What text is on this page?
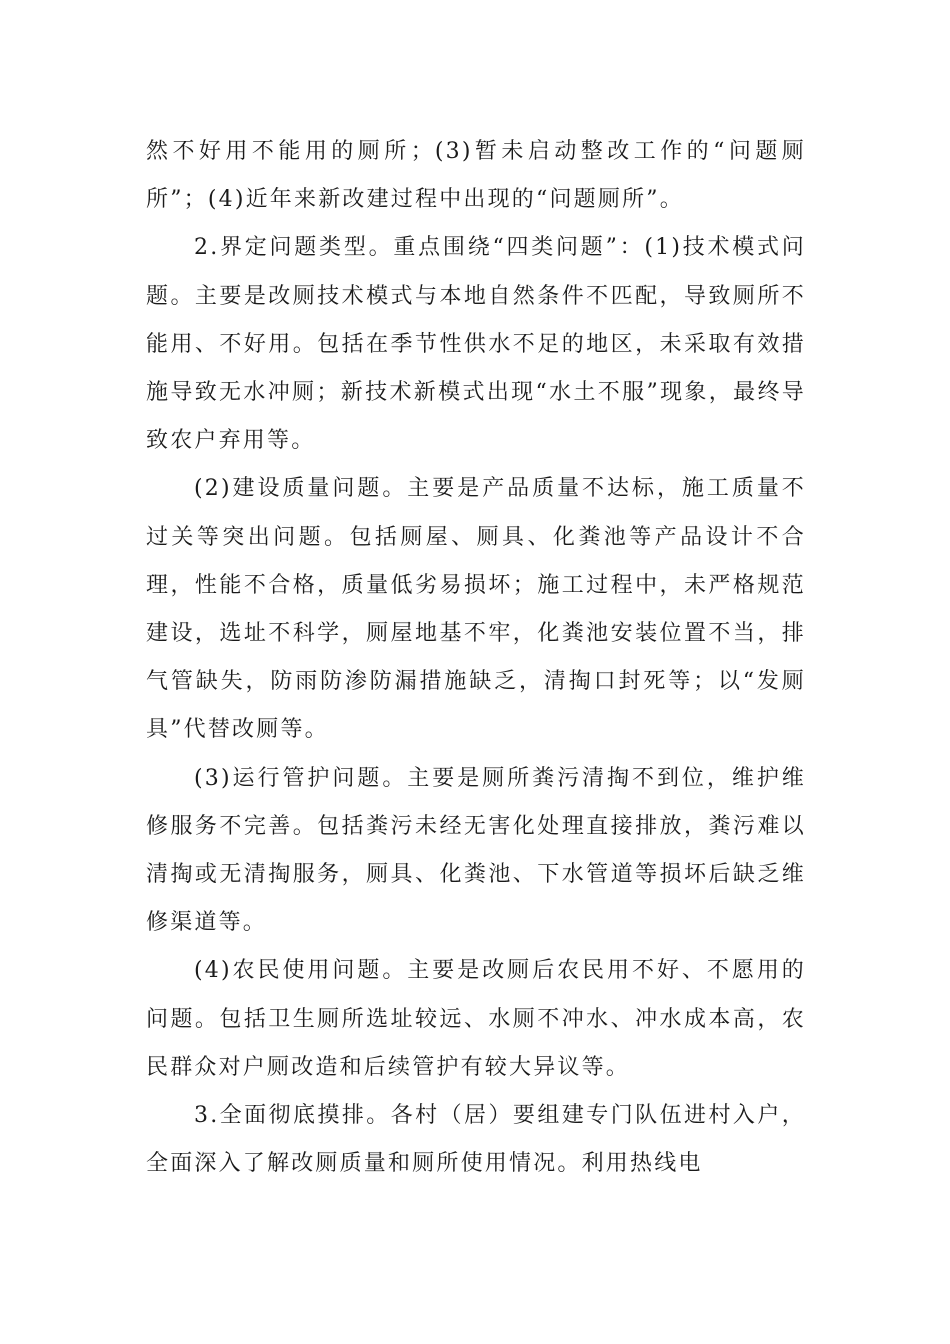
然不好用不能用的厕所；(3)暂未启动整改工作的“问题厕所”；(4)近年来新改建过程中出现的“问题厕所”。

2.界定问题类型。重点围绕“四类问题”：(1)技术模式问题。主要是改厕技术模式与本地自然条件不匹配，导致厕所不能用、不好用。包括在季节性供水不足的地区，未采取有效措施导致无水冲厕；新技术新模式出现“水土不服”现象，最终导致农户弃用等。

(2)建设质量问题。主要是产品质量不达标，施工质量不过关等突出问题。包括厕屋、厕具、化粪池等产品设计不合理，性能不合格，质量低劣易损坏；施工过程中，未严格规范建设，选址不科学，厕屋地基不牢，化粪池安装位置不当，排气管缺失，防雨防渗防漏措施缺乏，清掏口封死等；以“发厕具”代替改厕等。

(3)运行管护问题。主要是厕所粪污清掏不到位，维护维修服务不完善。包括粪污未经无害化处理直接排放，粪污难以清掏或无清掏服务，厕具、化粪池、下水管道等损坏后缺乏维修渠道等。

(4)农民使用问题。主要是改厕后农民用不好、不愿用的问题。包括卫生厕所选址较远、水厕不冲水、冲水成本高，农民群众对户厕改造和后续管护有较大异议等。

3.全面彻底摸排。各村（居）要组建专门队伍进村入户，全面深入了解改厕质量和厕所使用情况。利用热线电
